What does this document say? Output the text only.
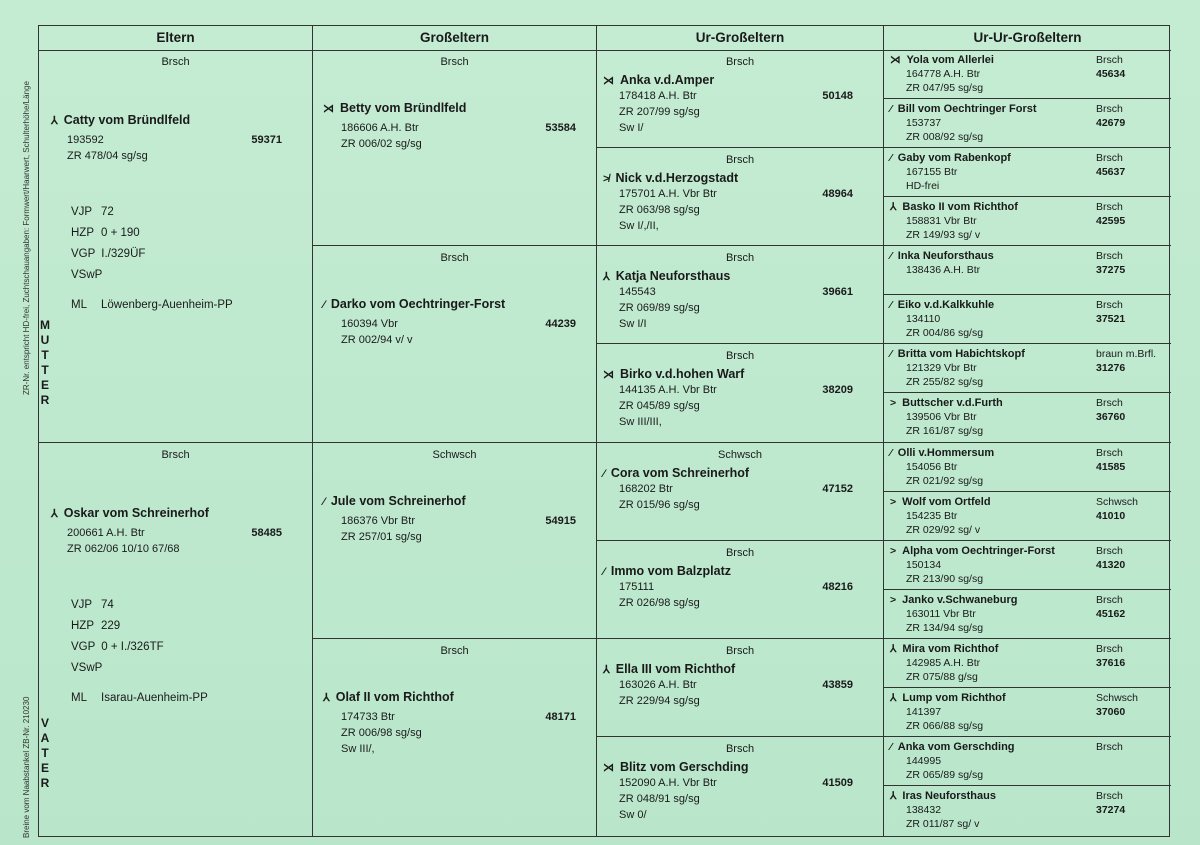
ZR-Nr. entspricht HD-frei, Zuchtschauangaben: Formwert/Haarwert, Schulterhöhe/Länge
Breine vom Naabstankel ZB-Nr. 210230
M
U
T
T
E
R
V
A
T
E
R
Eltern
Brsch
⅄ Catty vom Bründlfeld
193592	59371
ZR 478/04 sg/sg
VJP 72
HZP 0 + 190
VGP I./329ÜF
VSwP
ML Löwenberg-Auenheim-PP
Brsch
⅄ Oskar vom Schreinerhof
200661 A.H. Btr	58485
ZR 062/06 10/10 67/68
VJP 74
HZP 229
VGP 0 + I./326TF
VSwP
ML Isarau-Auenheim-PP
Großeltern
Brsch
⋊ Betty vom Bründlfeld
186606 A.H. Btr	53584
ZR 006/02 sg/sg
Brsch
⁄ Darko vom Oechtringer-Forst
160394 Vbr	44239
ZR 002/94 v/ v
Schwsch
⁄ Jule vom Schreinerhof
186376 Vbr Btr	54915
ZR 257/01 sg/sg
Brsch
⅄ Olaf II vom Richthof
174733 Btr	48171
ZR 006/98 sg/sg
Sw III/,
Ur-Großeltern
Brsch
⋊ Anka v.d.Amper
178418 A.H. Btr	50148
ZR 207/99 sg/sg
Sw I/
Brsch
≯ Nick v.d.Herzogstadt
175701 A.H. Vbr Btr	48964
ZR 063/98 sg/sg
Sw I/,/II,
Brsch
⅄ Katja Neuforsthaus
145543	39661
ZR 069/89 sg/sg
Sw I/I
Brsch
⋊ Birko v.d.hohen Warf
144135 A.H. Vbr Btr	38209
ZR 045/89 sg/sg
Sw III/III,
Schwsch
⁄ Cora vom Schreinerhof
168202 Btr	47152
ZR 015/96 sg/sg
Brsch
⁄ Immo vom Balzplatz
175111	48216
ZR 026/98 sg/sg
Brsch
⅄ Ella III vom Richthof
163026 A.H. Btr	43859
ZR 229/94 sg/sg
Brsch
⋊ Blitz vom Gerschding
152090 A.H. Vbr Btr	41509
ZR 048/91 sg/sg
Sw 0/
Ur-Ur-Großeltern
⋊ Yola vom Allerlei	Brsch
164778 A.H. Btr	45634
ZR 047/95 sg/sg
⁄ Bill vom Oechtringer Forst	Brsch
153737	42679
ZR 008/92 sg/sg
⁄ Gaby vom Rabenkopf	Brsch
167155 Btr	45637
HD-frei
⅄ Basko II vom Richthof	Brsch
158831 Vbr Btr	42595
ZR 149/93 sg/ v
⁄ Inka Neuforsthaus	Brsch
138436 A.H. Btr	37275
⁄ Eiko v.d.Kalkkuhle	Brsch
134110	37521
ZR 004/86 sg/sg
⁄ Britta vom Habichtskopf	braun m.Brfl.
121329 Vbr Btr	31276
ZR 255/82 sg/sg
> Buttscher v.d.Furth	Brsch
139506 Vbr Btr	36760
ZR 161/87 sg/sg
⁄ Olli v.Hommersum	Brsch
154056 Btr	41585
ZR 021/92 sg/sg
> Wolf vom Ortfeld	Schwsch
154235 Btr	41010
ZR 029/92 sg/ v
> Alpha vom Oechtringer-Forst	Brsch
150134	41320
ZR 213/90 sg/sg
> Janko v.Schwaneburg	Brsch
163011 Vbr Btr	45162
ZR 134/94 sg/sg
⅄ Mira vom Richthof	Brsch
142985 A.H. Btr	37616
ZR 075/88 g/sg
⅄ Lump vom Richthof	Schwsch
141397	37060
ZR 066/88 sg/sg
⁄ Anka vom Gerschding	Brsch
144995
ZR 065/89 sg/sg
⅄ Iras Neuforsthaus	Brsch
138432	37274
ZR 011/87 sg/ v
